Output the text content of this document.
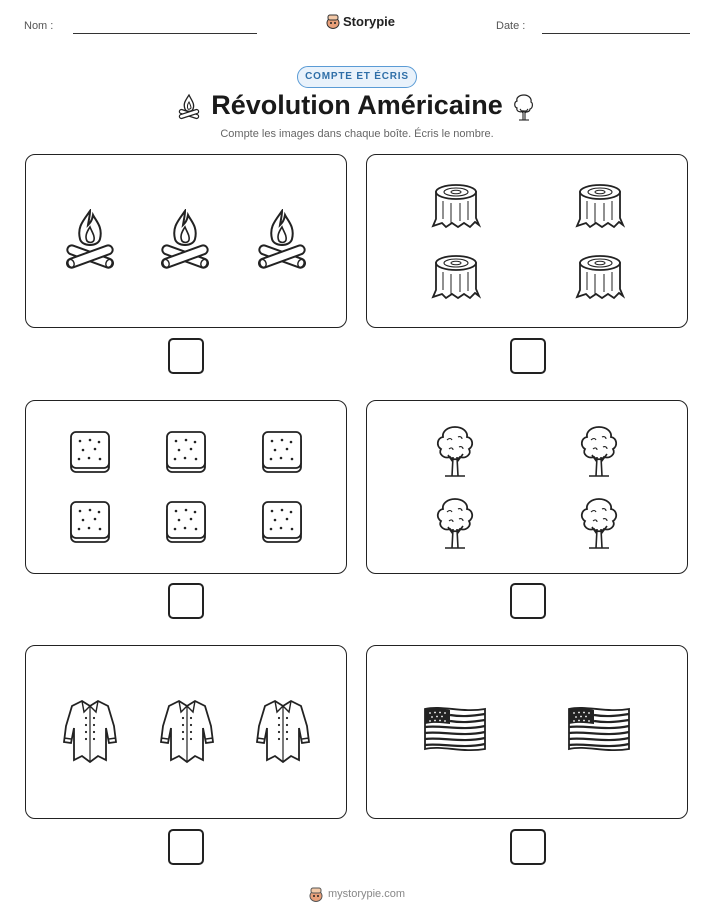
Nom :	Storypie	Date :
COMPTE ET ÉCRIS
Révolution Américaine
Compte les images dans chaque boîte. Écris le nombre.
mystorypie.com
